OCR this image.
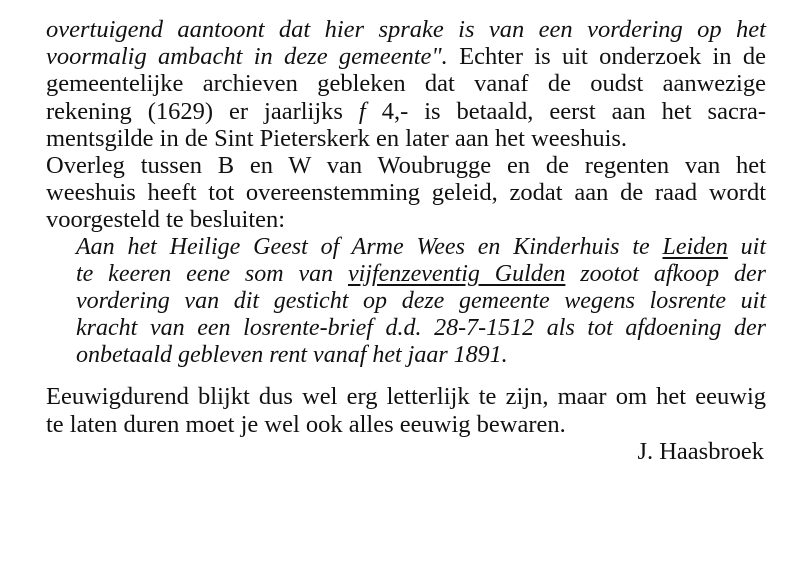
overtuigend aantoont dat hier sprake is van een vordering op het
voormalig ambacht in deze gemeente". Echter is uit onderzoek in de
gemeentelijke archieven gebleken dat vanaf de oudst aanwezige
rekening (1629) er jaarlijks f 4,- is betaald, eerst aan het sacra-
mentsgilde in de Sint Pieterskerk en later aan het weeshuis.
Overleg tussen B en W van Woubrugge en de regenten van het
weeshuis heeft tot overeenstemming geleid, zodat aan de raad wordt
voorgesteld te besluiten:
Aan het Heilige Geest of Arme Wees en Kinderhuis te Leiden uit
te keeren eene som van vijfenzeventig Gulden zootot afkoop der
vordering van dit gesticht op deze gemeente wegens losrente uit
kracht van een losrente-brief d.d. 28-7-1512 als tot afdoening der
onbetaald gebleven rent vanaf het jaar 1891.
Eeuwigdurend blijkt dus wel erg letterlijk te zijn, maar om het eeuwig
te laten duren moet je wel ook alles eeuwig bewaren.
J. Haasbroek
